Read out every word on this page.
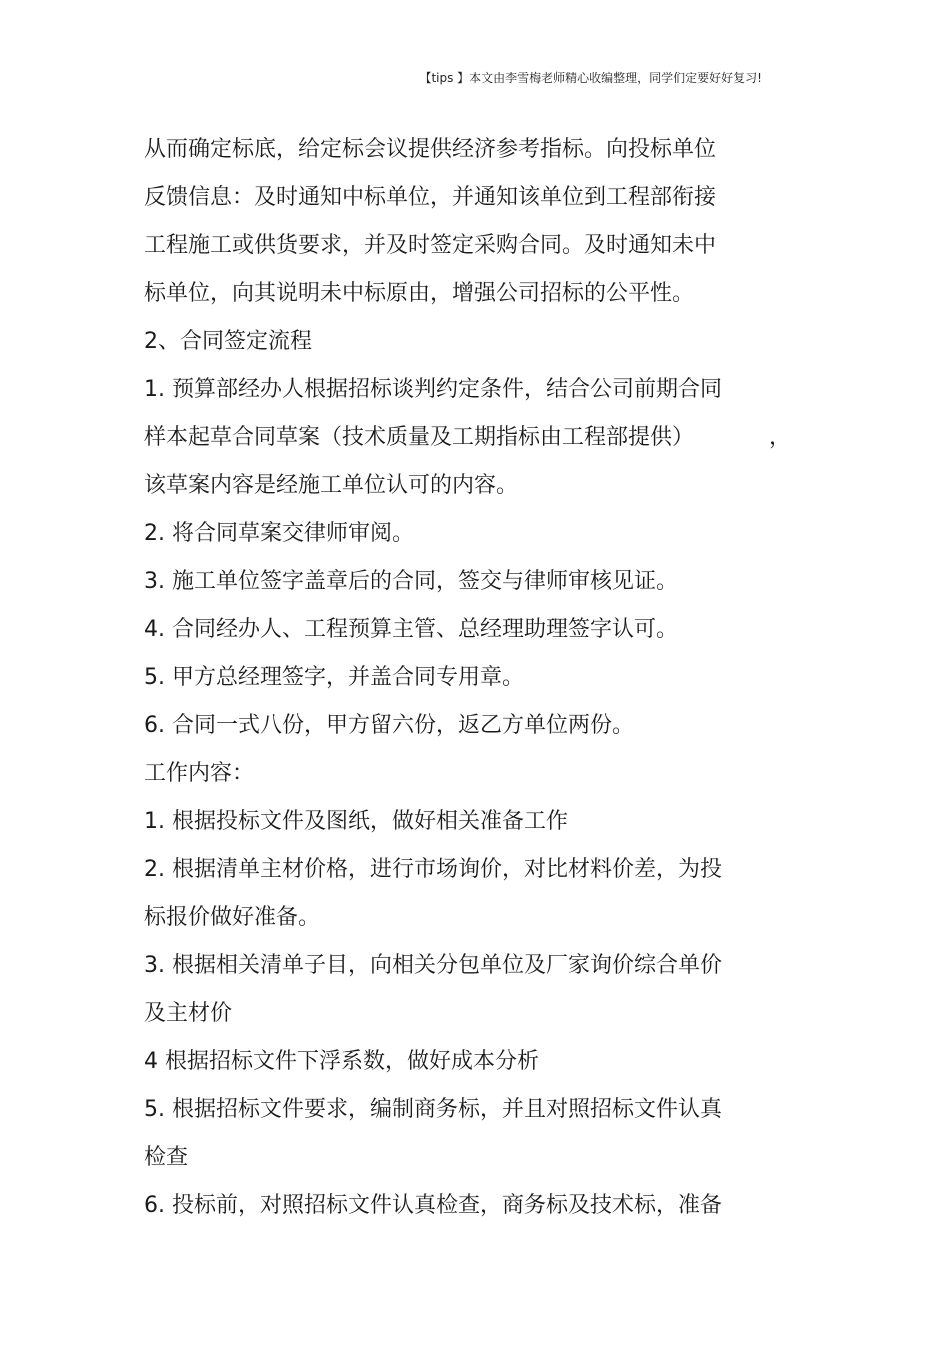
【tips 】本文由李雪梅老师精心收编整理，同学们定要好好复习!
从而确定标底，给定标会议提供经济参考指标。向投标单位
反馈信息：及时通知中标单位，并通知该单位到工程部衔接
工程施工或供货要求，并及时签定采购合同。及时通知未中
标单位，向其说明未中标原由，增强公司招标的公平性。
2、合同签定流程
1. 预算部经办人根据招标谈判约定条件，结合公司前期合同
样本起草合同草案（技术质量及工期指标由工程部提供）	，
该草案内容是经施工单位认可的内容。
2. 将合同草案交律师审阅。
3. 施工单位签字盖章后的合同，签交与律师审核见证。
4. 合同经办人、工程预算主管、总经理助理签字认可。
5. 甲方总经理签字，并盖合同专用章。
6. 合同一式八份，甲方留六份，返乙方单位两份。
工作内容：
1. 根据投标文件及图纸，做好相关准备工作
2. 根据清单主材价格，进行市场询价，对比材料价差，为投
标报价做好准备。
3. 根据相关清单子目，向相关分包单位及厂家询价综合单价
及主材价
4 根据招标文件下浮系数，做好成本分析
5. 根据招标文件要求，编制商务标，并且对照招标文件认真
检查
6. 投标前，对照招标文件认真检查，商务标及技术标，准备
